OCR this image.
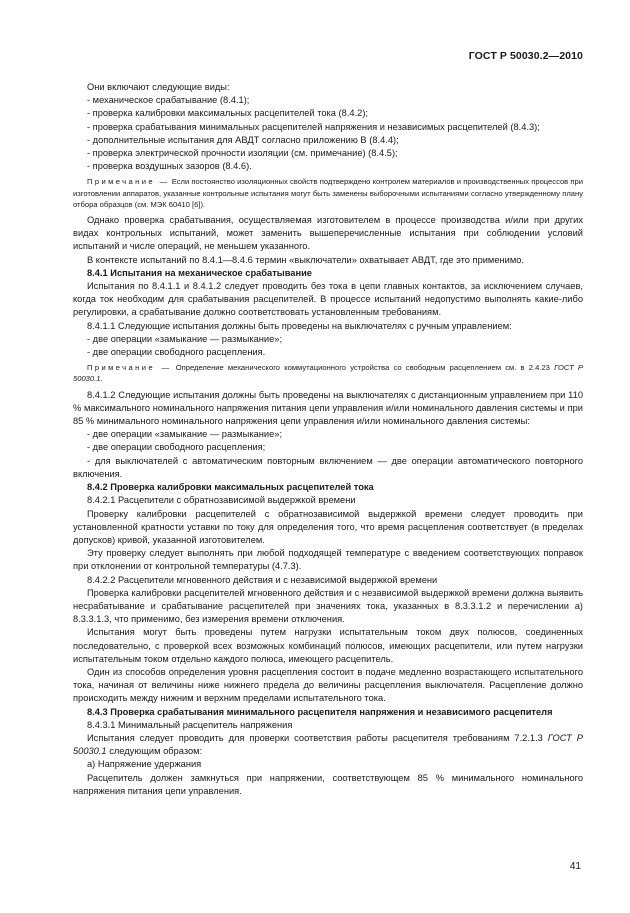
ГОСТ Р 50030.2—2010

Они включают следующие виды:

- механическое срабатывание (8.4.1);

- проверка калибровки максимальных расцепителей тока (8.4.2);

- проверка срабатывания минимальных расцепителей напряжения и независимых расцепителей (8.4.3);

- дополнительные испытания для АВДТ согласно приложению В (8.4.4);

- проверка электрической прочности изоляции (см. примечание) (8.4.5);

- проверка воздушных зазоров (8.4.6).

Примечание — Если постоянство изоляционных свойств подтверждено контролем материалов и производственных процессов при изготовлении аппаратов, указанные контрольные испытания могут быть заменены выборочными испытаниями согласно утвержденному плану отбора образцов (см. МЭК 60410 [6]).

Однако проверка срабатывания, осуществляемая изготовителем в процессе производства и/или при других видах контрольных испытаний, может заменить вышеперечисленные испытания при соблюдении условий испытаний и числе операций, не меньшем указанного.

В контексте испытаний по 8.4.1—8.4.6 термин «выключатели» охватывает АВДТ, где это применимо.

8.4.1 Испытания на механическое срабатывание

Испытания по 8.4.1.1 и 8.4.1.2 следует проводить без тока в цепи главных контактов, за исключением случаев, когда ток необходим для срабатывания расцепителей. В процессе испытаний недопустимо выполнять какие-либо регулировки, а срабатывание должно соответствовать установленным требованиям.

8.4.1.1 Следующие испытания должны быть проведены на выключателях с ручным управлением:

- две операции «замыкание — размыкание»;

- две операции свободного расцепления.

Примечание — Определение механического коммутационного устройства со свободным расцеплением см. в 2.4.23 ГОСТ Р 50030.1.

8.4.1.2 Следующие испытания должны быть проведены на выключателях с дистанционным управлением при 110 % максимального номинального напряжения питания цепи управления и/или номинального давления системы и при 85 % минимального номинального напряжения цепи управления и/или номинального давления системы:

- две операции «замыкание — размыкание»;

- две операции свободного расцепления;

- для выключателей с автоматическим повторным включением — две операции автоматического повторного включения.

8.4.2 Проверка калибровки максимальных расцепителей тока

8.4.2.1 Расцепители с обратнозависимой выдержкой времени

Проверку калибровки расцепителей с обратнозависимой выдержкой времени следует проводить при установленной кратности уставки по току для определения того, что время расцепления соответствует (в пределах допусков) кривой, указанной изготовителем.

Эту проверку следует выполнять при любой подходящей температуре с введением соответствующих поправок при отклонении от контрольной температуры (4.7.3).

8.4.2.2 Расцепители мгновенного действия и с независимой выдержкой времени

Проверка калибровки расцепителей мгновенного действия и с независимой выдержкой времени должна выявить несрабатывание и срабатывание расцепителей при значениях тока, указанных в 8.3.3.1.2 и перечислении а) 8.3.3.1.3, что применимо, без измерения времени отключения.

Испытания могут быть проведены путем нагрузки испытательным током двух полюсов, соединенных последовательно, с проверкой всех возможных комбинаций полюсов, имеющих расцепители, или путем нагрузки испытательным током отдельно каждого полюса, имеющего расцепитель.

Один из способов определения уровня расцепления состоит в подаче медленно возрастающего испытательного тока, начиная от величины ниже нижнего предела до величины расцепления выключателя. Расцепление должно происходить между нижним и верхним пределами испытательного тока.

8.4.3 Проверка срабатывания минимального расцепителя напряжения и независимого расцепителя

8.4.3.1 Минимальный расцепитель напряжения

Испытания следует проводить для проверки соответствия работы расцепителя требованиям 7.2.1.3 ГОСТ Р 50030.1 следующим образом:

а) Напряжение удержания

Расцепитель должен замкнуться при напряжении, соответствующем 85 % минимального номинального напряжения питания цепи управления.

41
